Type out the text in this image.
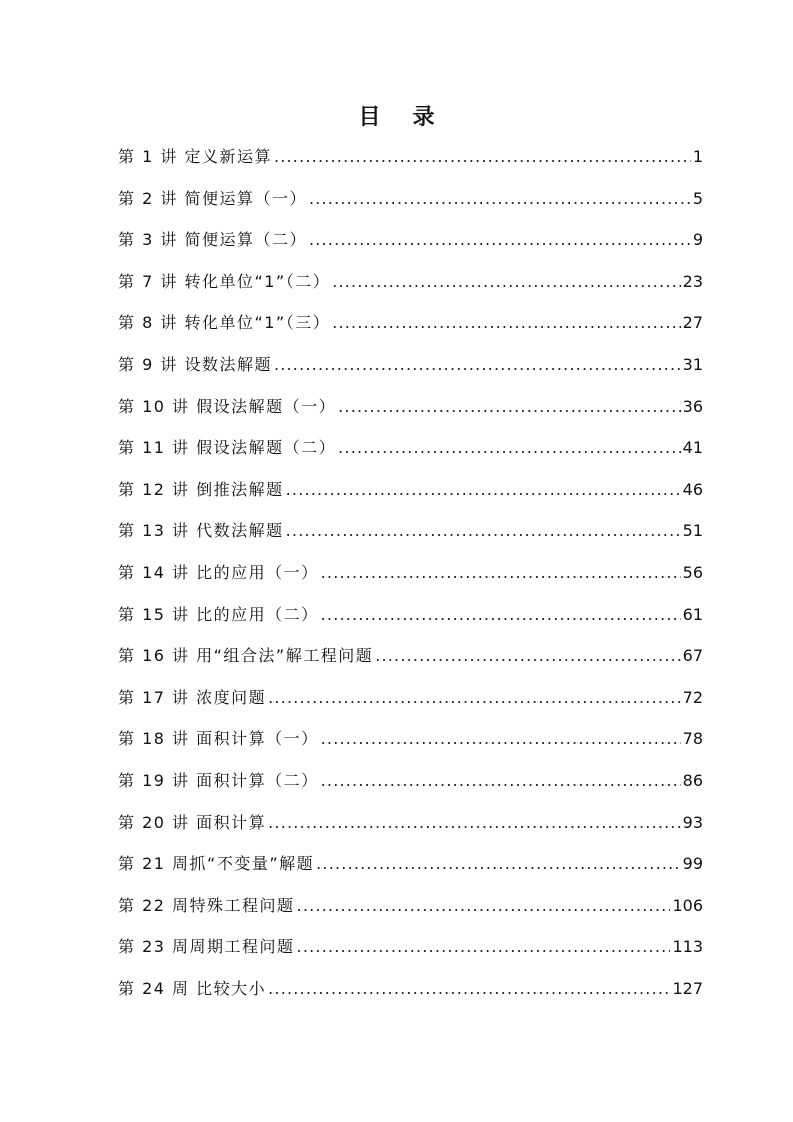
目 录
第 1 讲 定义新运算 .....	1
第 2 讲 简便运算（一） .....	5
第 3 讲 简便运算（二） .....	9
第 7 讲 转化单位“1”（二） .....	23
第 8 讲 转化单位“1”（三） .....	27
第 9 讲 设数法解题 .....	31
第 10 讲 假设法解题（一） .....	36
第 11 讲 假设法解题（二） .....	41
第 12 讲 倒推法解题 .....	46
第 13 讲 代数法解题 .....	51
第 14 讲 比的应用（一） .....	56
第 15 讲 比的应用（二） .....	61
第 16 讲 用“组合法”解工程问题 .....	67
第 17 讲 浓度问题 .....	72
第 18 讲 面积计算（一） .....	78
第 19 讲 面积计算（二） .....	86
第 20 讲 面积计算 .....	93
第 21 周抓“不变量”解题 .....	99
第 22 周特殊工程问题 .....	106
第 23 周周期工程问题 .....	113
第 24 周 比较大小 .....	127
